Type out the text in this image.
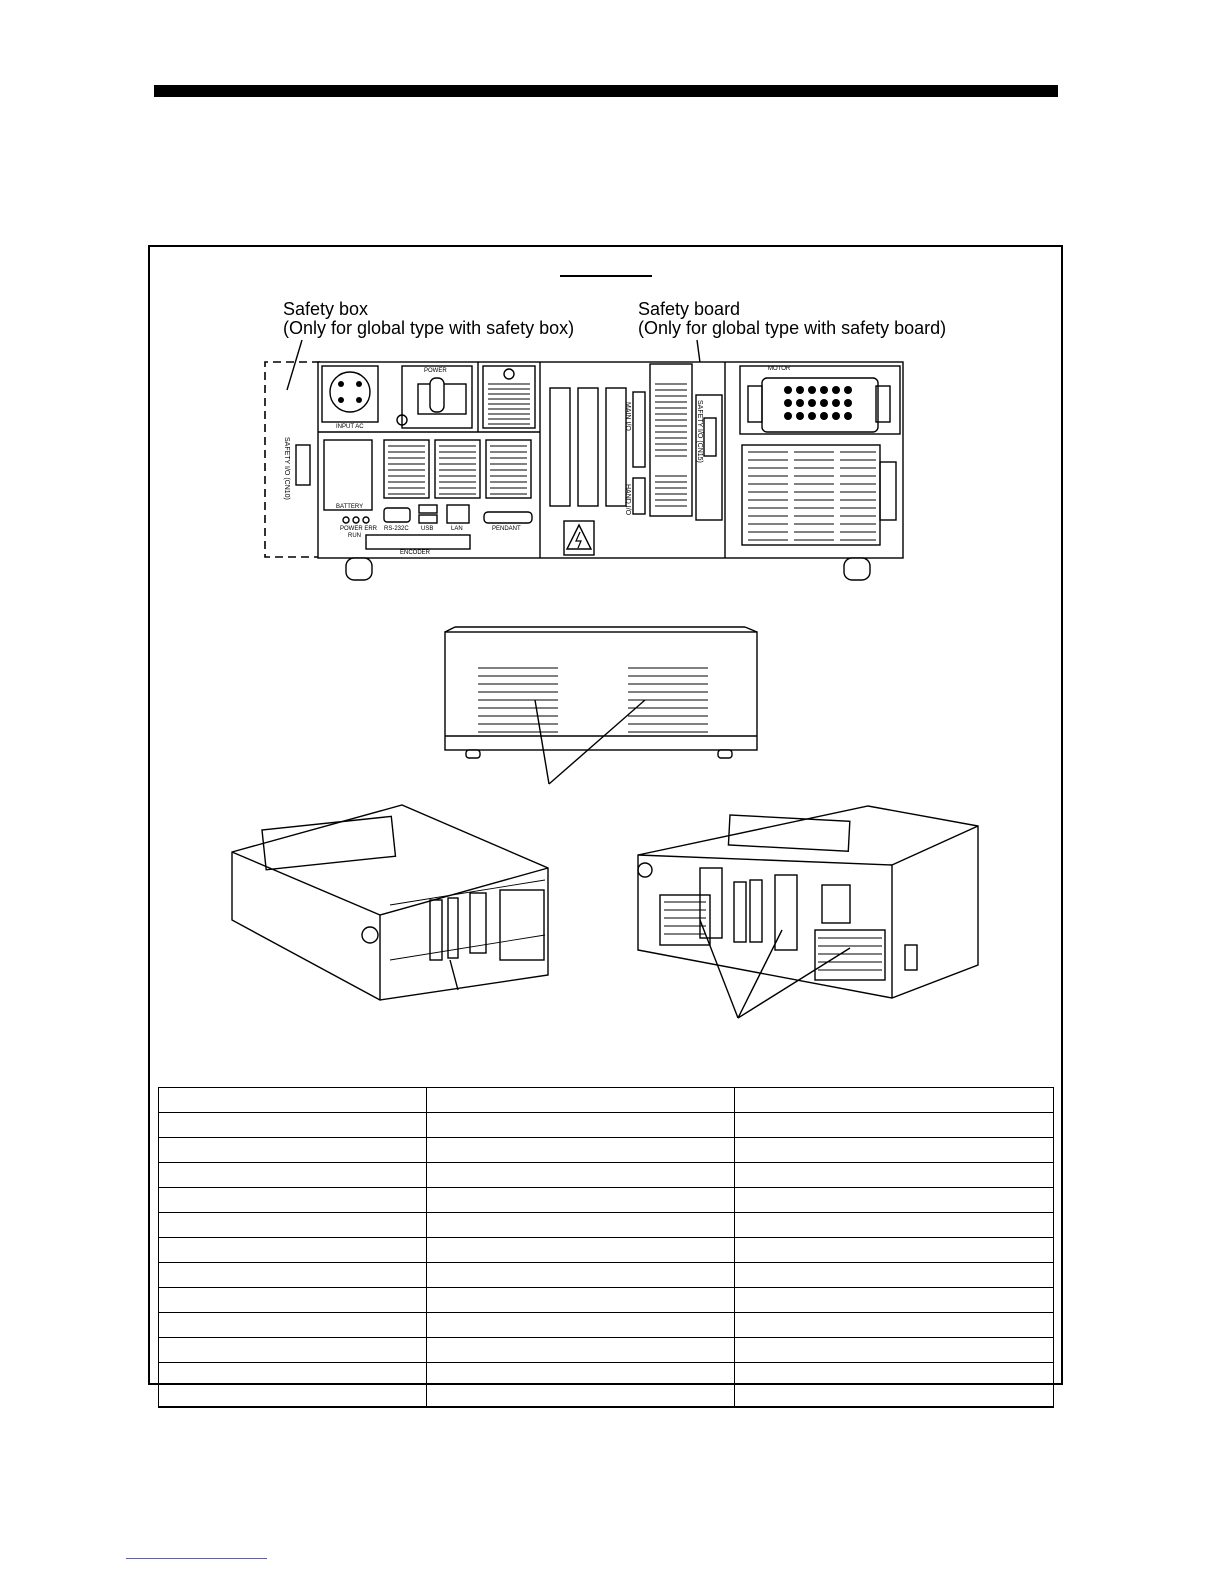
Safety box
(Only for global type with safety box)
Safety board
(Only for global type with safety board)
SAFETY I/O (CN10)
INPUT AC
POWER
BATTERY
POWER ERR
RUN
RS-232C USB	LAN	PENDANT
ENCODER
MAIN I/O
HAND I/O
SAFETY I/O (CN15)
MOTOR
